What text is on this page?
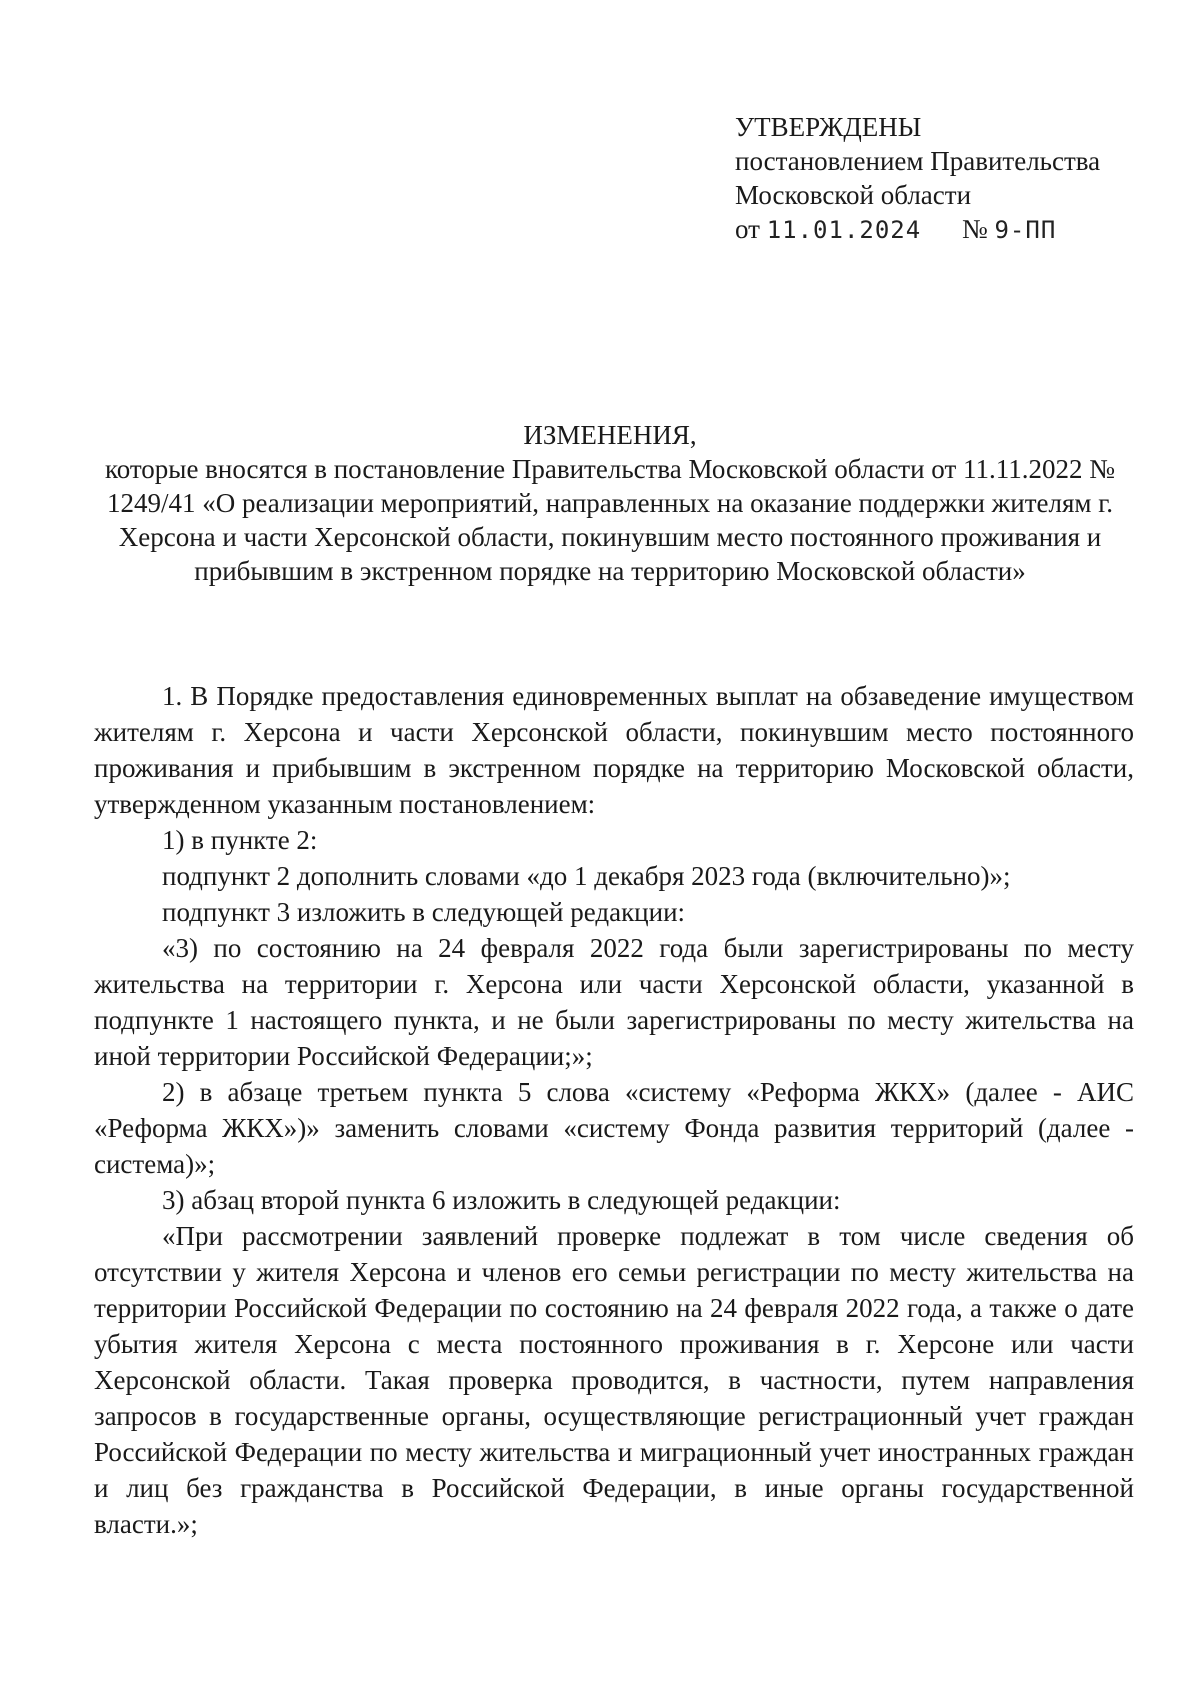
УТВЕРЖДЕНЫ
постановлением Правительства
Московской области
от 11.01.2024 № 9-ПП
ИЗМЕНЕНИЯ,
которые вносятся в постановление Правительства Московской области от 11.11.2022 № 1249/41 «О реализации мероприятий, направленных на оказание поддержки жителям г. Херсона и части Херсонской области, покинувшим место постоянного проживания и прибывшим в экстренном порядке на территорию Московской области»

1. В Порядке предоставления единовременных выплат на обзаведение имуществом жителям г. Херсона и части Херсонской области, покинувшим место постоянного проживания и прибывшим в экстренном порядке на территорию Московской области, утвержденном указанным постановлением:

1) в пункте 2:

подпункт 2 дополнить словами «до 1 декабря 2023 года (включительно)»;

подпункт 3 изложить в следующей редакции:

«3) по состоянию на 24 февраля 2022 года были зарегистрированы по месту жительства на территории г. Херсона или части Херсонской области, указанной в подпункте 1 настоящего пункта, и не были зарегистрированы по месту жительства на иной территории Российской Федерации;»;

2) в абзаце третьем пункта 5 слова «систему «Реформа ЖКХ» (далее - АИС «Реформа ЖКХ»)» заменить словами «систему Фонда развития территорий (далее - система)»;

3) абзац второй пункта 6 изложить в следующей редакции:

«При рассмотрении заявлений проверке подлежат в том числе сведения об отсутствии у жителя Херсона и членов его семьи регистрации по месту жительства на территории Российской Федерации по состоянию на 24 февраля 2022 года, а также о дате убытия жителя Херсона с места постоянного проживания в г. Херсоне или части Херсонской области. Такая проверка проводится, в частности, путем направления запросов в государственные органы, осуществляющие регистрационный учет граждан Российской Федерации по месту жительства и миграционный учет иностранных граждан и лиц без гражданства в Российской Федерации, в иные органы государственной власти.»;
